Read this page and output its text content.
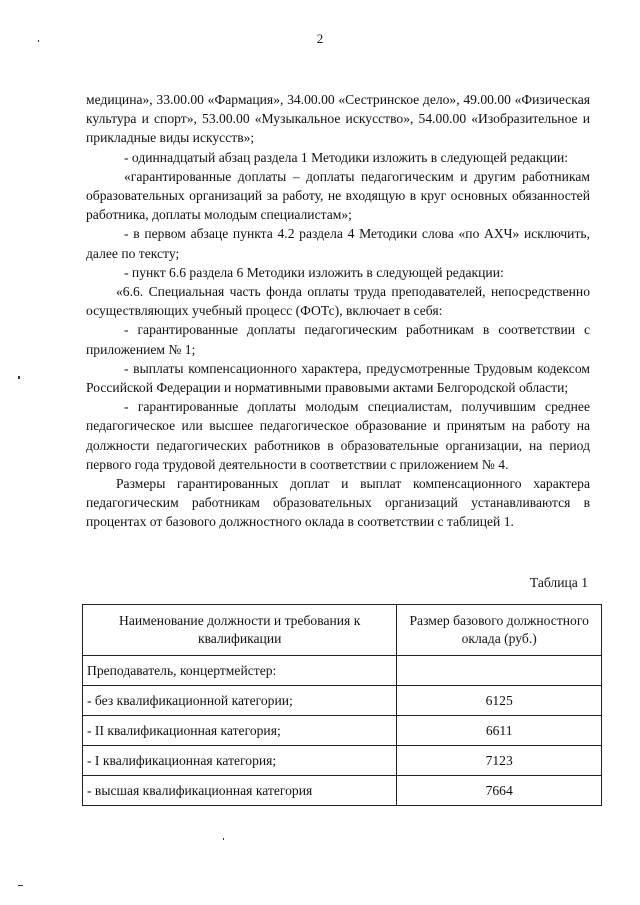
2

медицина», 33.00.00 «Фармация», 34.00.00 «Сестринское дело», 49.00.00 «Физическая культура и спорт», 53.00.00 «Музыкальное искусство», 54.00.00 «Изобразительное и прикладные виды искусств»;

- одиннадцатый абзац раздела 1 Методики изложить в следующей редакции:

«гарантированные доплаты – доплаты педагогическим и другим работникам образовательных организаций за работу, не входящую в круг основных обязанностей работника, доплаты молодым специалистам»;

- в первом абзаце пункта 4.2 раздела 4 Методики слова «по АХЧ» исключить, далее по тексту;

- пункт 6.6 раздела 6 Методики изложить в следующей редакции:

«6.6. Специальная часть фонда оплаты труда преподавателей, непосредственно осуществляющих учебный процесс (ФОТс), включает в себя:

- гарантированные доплаты педагогическим работникам в соответствии с приложением № 1;

- выплаты компенсационного характера, предусмотренные Трудовым кодексом Российской Федерации и нормативными правовыми актами Белгородской области;

- гарантированные доплаты молодым специалистам, получившим среднее педагогическое или высшее педагогическое образование и принятым на работу на должности педагогических работников в образовательные организации, на период первого года трудовой деятельности в соответствии с приложением № 4.

Размеры гарантированных доплат и выплат компенсационного характера педагогическим работникам образовательных организаций устанавливаются в процентах от базового должностного оклада в соответствии с таблицей 1.

Таблица 1
Наименование должности и требования к квалификации	Размер базового должностного оклада (руб.)
Преподаватель, концертмейстер:	
- без квалификационной категории;	6125
- II квалификационная категория;	6611
- I квалификационная категория;	7123
- высшая квалификационная категория	7664
